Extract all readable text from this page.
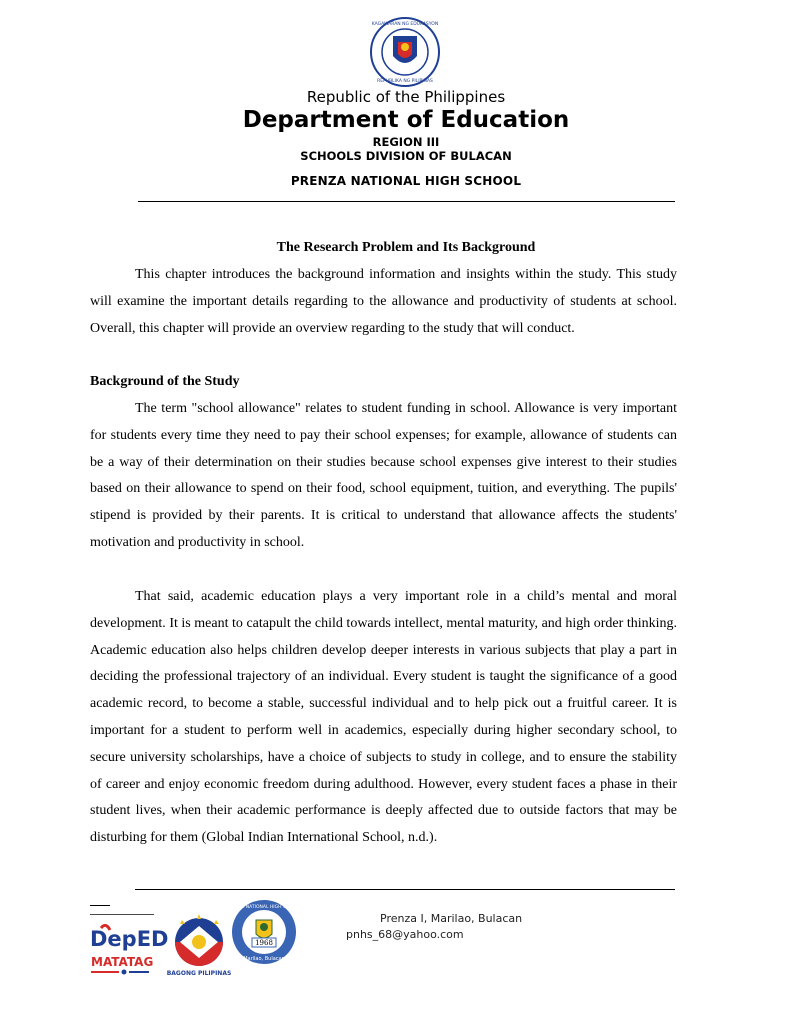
REPUBLIKA NG PILIPINAS
KAGAWARAN NG EDUKASYON
Republic of the Philippines
Department of Education
REGION III
SCHOOLS DIVISION OF BULACAN
PRENZA NATIONAL HIGH SCHOOL
The Research Problem and Its Background

This chapter introduces the background information and insights within the study. This study will examine the important details regarding to the allowance and productivity of students at school. Overall, this chapter will provide an overview regarding to the study that will conduct.

Background of the Study

The term "school allowance" relates to student funding in school. Allowance is very important for students every time they need to pay their school expenses; for example, allowance of students can be a way of their determination on their studies because school expenses give interest to their studies based on their allowance to spend on their food, school equipment, tuition, and everything. The pupils' stipend is provided by their parents. It is critical to understand that allowance affects the students' motivation and productivity in school.

That said, academic education plays a very important role in a child’s mental and moral development. It is meant to catapult the child towards intellect, mental maturity, and high order thinking. Academic education also helps children develop deeper interests in various subjects that play a part in deciding the professional trajectory of an individual. Every student is taught the significance of a good academic record, to become a stable, successful individual and to help pick out a fruitful career. It is important for a student to perform well in academics, especially during higher secondary school, to secure university scholarships, have a choice of subjects to study in college, and to ensure the stability of career and enjoy economic freedom during adulthood. However, every student faces a phase in their student lives, when their academic performance is deeply affected due to outside factors that may be disturbing for them (Global Indian International School, n.d.).

DepED
MATATAG
BAGONG PILIPINAS
1968
PRENZA NATIONAL HIGH SCHOOL
Marilao, Bulacan
Prenza I, Marilao, Bulacan
pnhs_68@yahoo.com
